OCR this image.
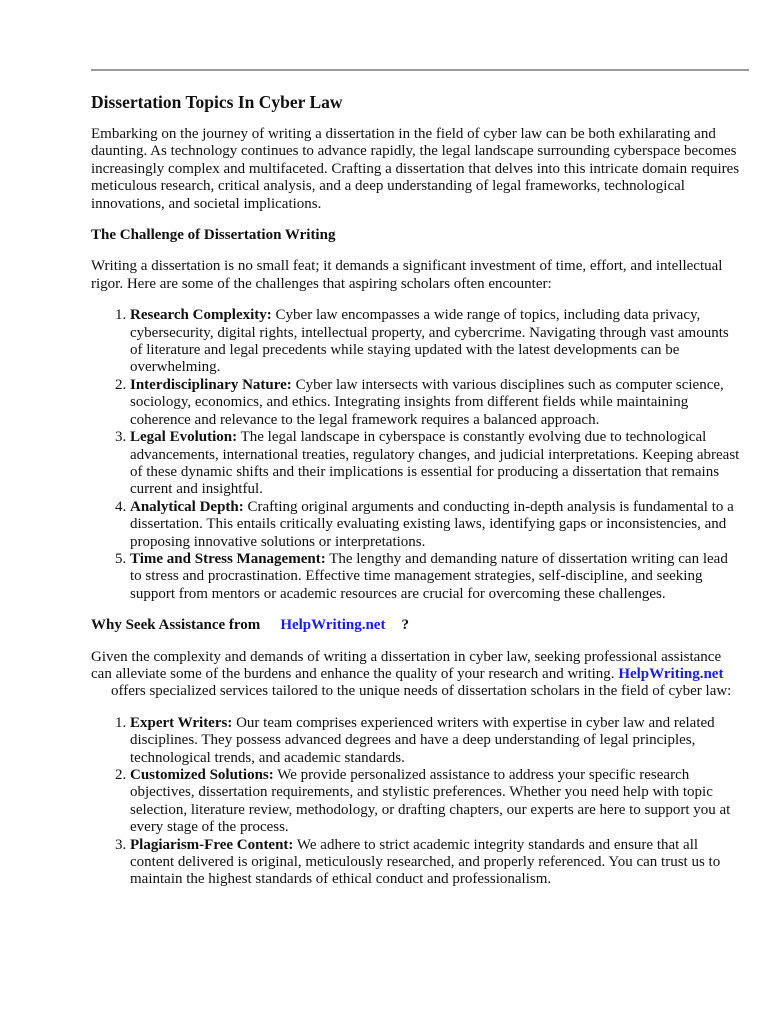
Dissertation Topics In Cyber Law

Embarking on the journey of writing a dissertation in the field of cyber law can be both exhilarating and daunting. As technology continues to advance rapidly, the legal landscape surrounding cyberspace becomes increasingly complex and multifaceted. Crafting a dissertation that delves into this intricate domain requires meticulous research, critical analysis, and a deep understanding of legal frameworks, technological innovations, and societal implications.

The Challenge of Dissertation Writing

Writing a dissertation is no small feat; it demands a significant investment of time, effort, and intellectual rigor. Here are some of the challenges that aspiring scholars often encounter:

1. Research Complexity: Cyber law encompasses a wide range of topics, including data privacy, cybersecurity, digital rights, intellectual property, and cybercrime. Navigating through vast amounts of literature and legal precedents while staying updated with the latest developments can be overwhelming.
2. Interdisciplinary Nature: Cyber law intersects with various disciplines such as computer science, sociology, economics, and ethics. Integrating insights from different fields while maintaining coherence and relevance to the legal framework requires a balanced approach.
3. Legal Evolution: The legal landscape in cyberspace is constantly evolving due to technological advancements, international treaties, regulatory changes, and judicial interpretations. Keeping abreast of these dynamic shifts and their implications is essential for producing a dissertation that remains current and insightful.
4. Analytical Depth: Crafting original arguments and conducting in-depth analysis is fundamental to a dissertation. This entails critically evaluating existing laws, identifying gaps or inconsistencies, and proposing innovative solutions or interpretations.
5. Time and Stress Management: The lengthy and demanding nature of dissertation writing can lead to stress and procrastination. Effective time management strategies, self-discipline, and seeking support from mentors or academic resources are crucial for overcoming these challenges.
Why Seek Assistance from HelpWriting.net ?

Given the complexity and demands of writing a dissertation in cyber law, seeking professional assistance can alleviate some of the burdens and enhance the quality of your research and writing. HelpWriting.netoffers specialized services tailored to the unique needs of dissertation scholars in the field of cyber law:

1. Expert Writers: Our team comprises experienced writers with expertise in cyber law and related disciplines. They possess advanced degrees and have a deep understanding of legal principles, technological trends, and academic standards.
2. Customized Solutions: We provide personalized assistance to address your specific research objectives, dissertation requirements, and stylistic preferences. Whether you need help with topic selection, literature review, methodology, or drafting chapters, our experts are here to support you at every stage of the process.
3. Plagiarism-Free Content: We adhere to strict academic integrity standards and ensure that all content delivered is original, meticulously researched, and properly referenced. You can trust us to maintain the highest standards of ethical conduct and professionalism.
